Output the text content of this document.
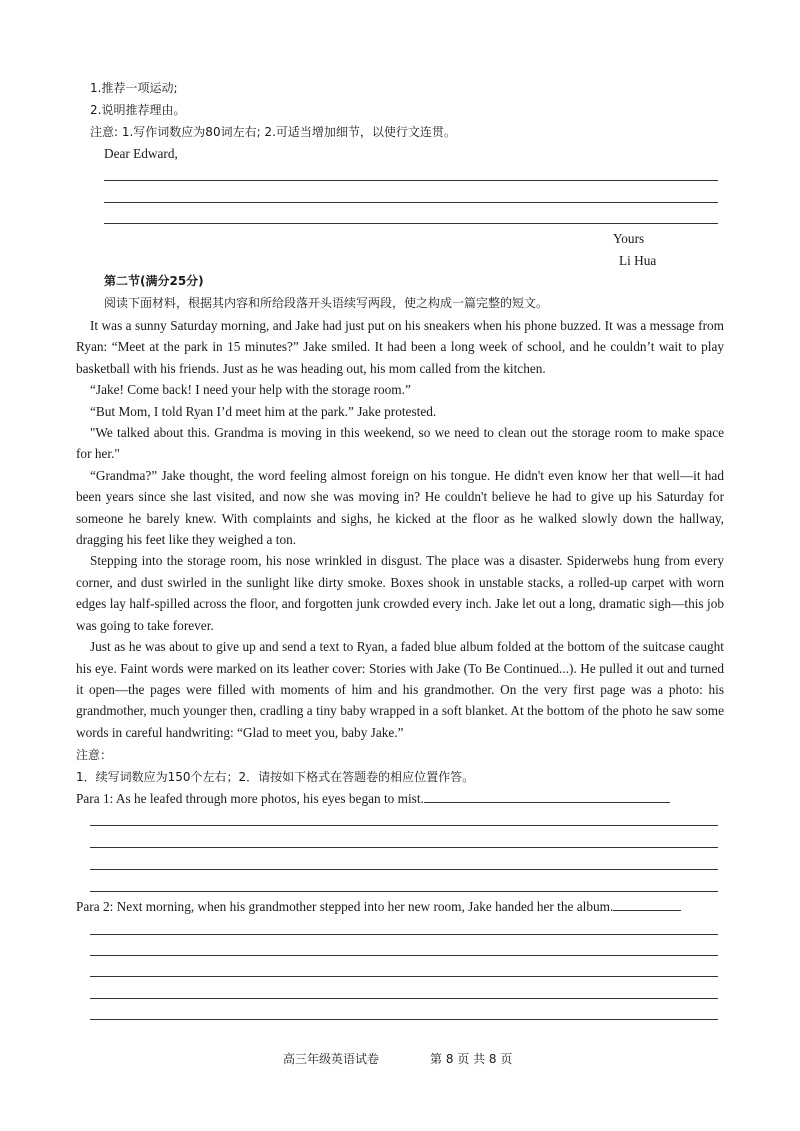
1.推荐一项运动;
2.说明推荐理由。
注意: 1.写作词数应为80词左右; 2.可适当增加细节，以使行文连贯。
Dear Edward,
Yours
Li Hua
第二节(满分25分)
阅读下面材料，根据其内容和所给段落开头语续写两段，使之构成一篇完整的短文。

It was a sunny Saturday morning, and Jake had just put on his sneakers when his phone buzzed. It was a message from Ryan: “Meet at the park in 15 minutes?” Jake smiled. It had been a long week of school, and he couldn’t wait to play basketball with his friends. Just as he was heading out, his mom called from the kitchen.

“Jake! Come back! I need your help with the storage room.”

“But Mom, I told Ryan I’d meet him at the park.” Jake protested.

"We talked about this. Grandma is moving in this weekend, so we need to clean out the storage room to make space for her."

“Grandma?” Jake thought, the word feeling almost foreign on his tongue. He didn't even know her that well—it had been years since she last visited, and now she was moving in? He couldn't believe he had to give up his Saturday for someone he barely knew. With complaints and sighs, he kicked at the floor as he walked slowly down the hallway, dragging his feet like they weighed a ton.

Stepping into the storage room, his nose wrinkled in disgust. The place was a disaster. Spiderwebs hung from every corner, and dust swirled in the sunlight like dirty smoke. Boxes shook in unstable stacks, a rolled-up carpet with worn edges lay half-spilled across the floor, and forgotten junk crowded every inch. Jake let out a long, dramatic sigh—this job was going to take forever.

Just as he was about to give up and send a text to Ryan, a faded blue album folded at the bottom of the suitcase caught his eye. Faint words were marked on its leather cover: Stories with Jake (To Be Continued...). He pulled it out and turned it open—the pages were filled with moments of him and his grandmother. On the very first page was a photo: his grandmother, much younger then, cradling a tiny baby wrapped in a soft blanket. At the bottom of the photo he saw some words in careful handwriting: “Glad to meet you, baby Jake.”

注意：
1．续写词数应为150个左右；2．请按如下格式在答题卷的相应位置作答。
Para 1: As he leafed through more photos, his eyes began to mist.
Para 2: Next morning, when his grandmother stepped into her new room, Jake handed her the album.
高三年级英语试卷	第 8 页 共 8 页
